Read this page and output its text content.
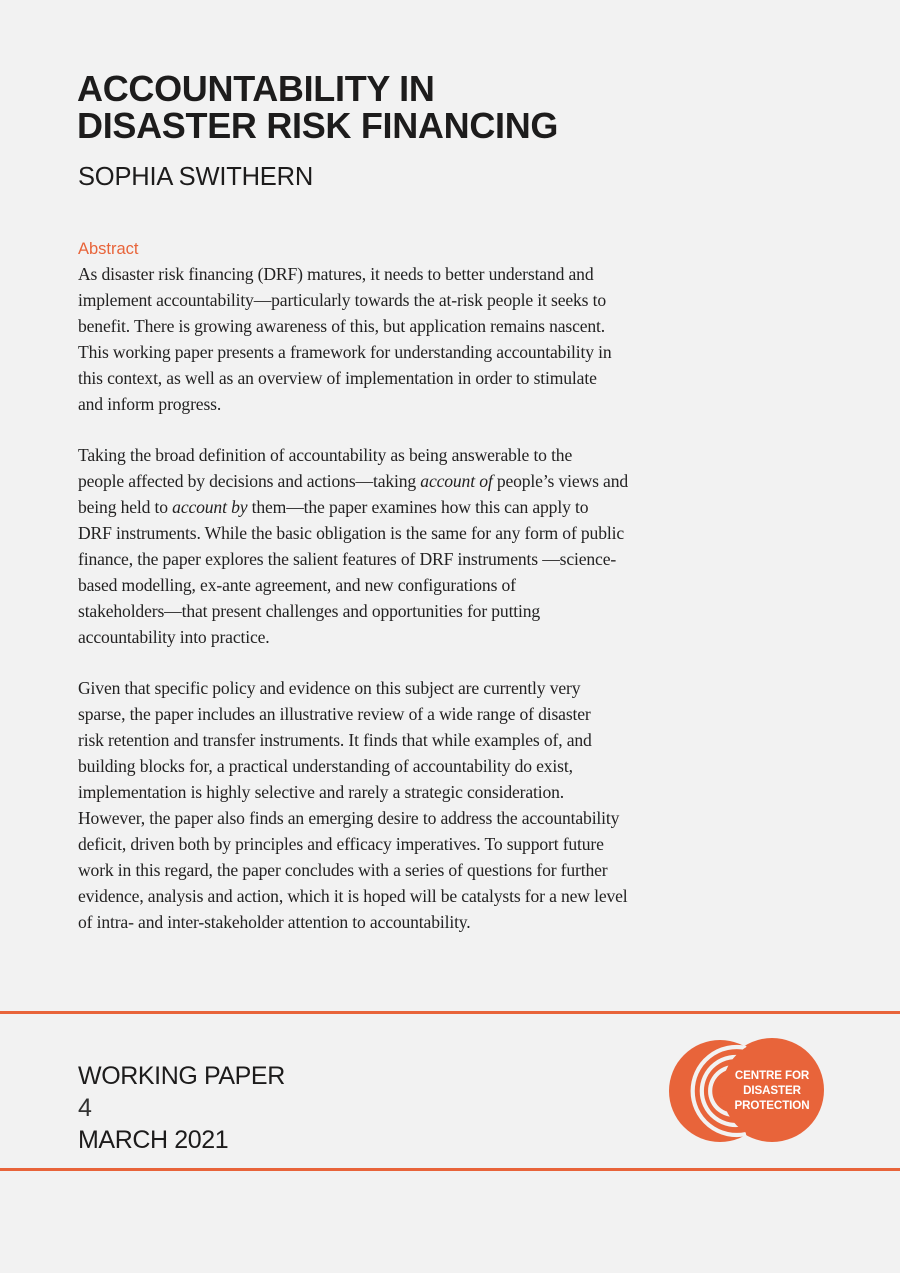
ACCOUNTABILITY IN
DISASTER RISK FINANCING

SOPHIA SWITHERN

Abstract

As disaster risk financing (DRF) matures, it needs to better understand and
implement accountability—particularly towards the at-risk people it seeks to
benefit. There is growing awareness of this, but application remains nascent.
This working paper presents a framework for understanding accountability in
this context, as well as an overview of implementation in order to stimulate
and inform progress.

Taking the broad definition of accountability as being answerable to the
people affected by decisions and actions—taking account of people’s views and
being held to account by them—the paper examines how this can apply to
DRF instruments. While the basic obligation is the same for any form of public
finance, the paper explores the salient features of DRF instruments —science-
based modelling, ex-ante agreement, and new configurations of
stakeholders—that present challenges and opportunities for putting
accountability into practice.

Given that specific policy and evidence on this subject are currently very
sparse, the paper includes an illustrative review of a wide range of disaster
risk retention and transfer instruments. It finds that while examples of, and
building blocks for, a practical understanding of accountability do exist,
implementation is highly selective and rarely a strategic consideration.
However, the paper also finds an emerging desire to address the accountability
deficit, driven both by principles and efficacy imperatives. To support future
work in this regard, the paper concludes with a series of questions for further
evidence, analysis and action, which it is hoped will be catalysts for a new level
of intra- and inter-stakeholder attention to accountability.

WORKING PAPER
4
MARCH 2021

CENTRE FOR
DISASTER
PROTECTION
